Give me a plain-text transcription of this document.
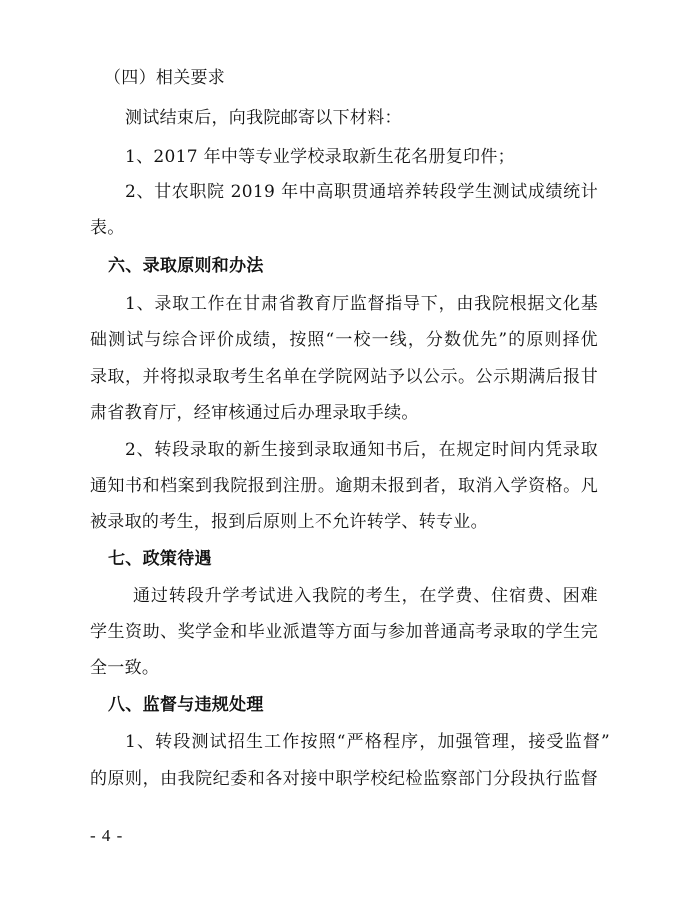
（四）相关要求
测试结束后，向我院邮寄以下材料：
1、2017 年中等专业学校录取新生花名册复印件；
2、甘农职院 2019 年中高职贯通培养转段学生测试成绩统计
表。
六、录取原则和办法
1、录取工作在甘肃省教育厅监督指导下，由我院根据文化基
础测试与综合评价成绩，按照“一校一线，分数优先”的原则择优
录取，并将拟录取考生名单在学院网站予以公示。公示期满后报甘
肃省教育厅，经审核通过后办理录取手续。
2、转段录取的新生接到录取通知书后，在规定时间内凭录取
通知书和档案到我院报到注册。逾期未报到者，取消入学资格。凡
被录取的考生，报到后原则上不允许转学、转专业。
七、政策待遇
通过转段升学考试进入我院的考生，在学费、住宿费、困难
学生资助、奖学金和毕业派遣等方面与参加普通高考录取的学生完
全一致。
八、监督与违规处理
1、转段测试招生工作按照“严格程序，加强管理，接受监督”
的原则，由我院纪委和各对接中职学校纪检监察部门分段执行监督
- 4 -
